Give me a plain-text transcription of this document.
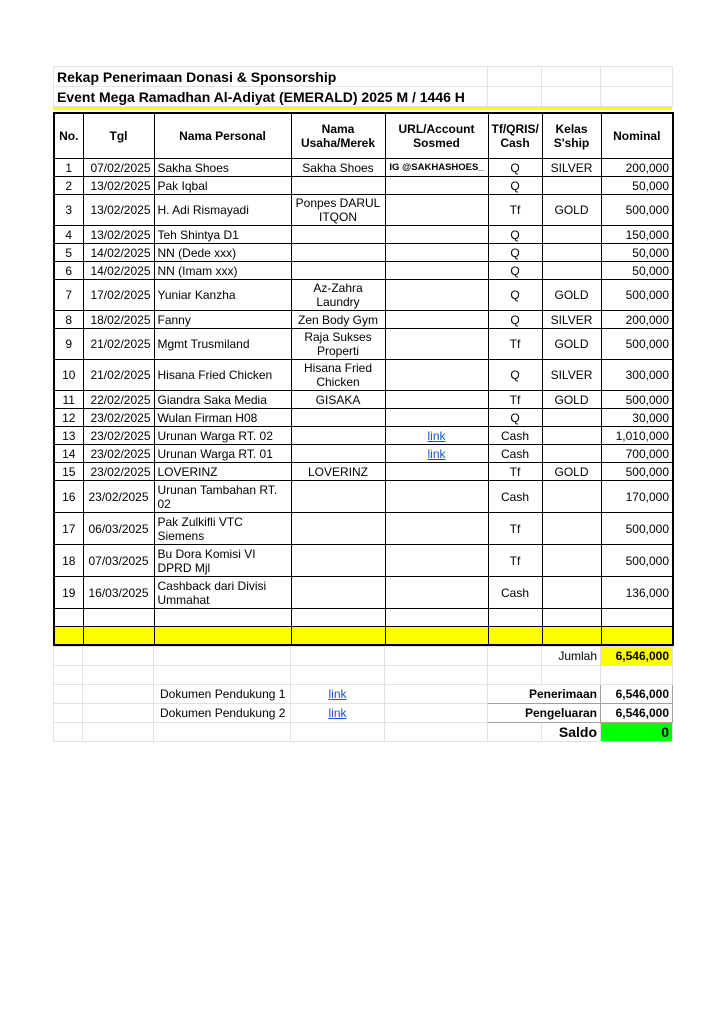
Rekap Penerimaan Donasi & Sponsorship			
Event Mega Ramadhan Al-Adiyat (EMERALD) 2025 M / 1446 H			
No.	Tgl	Nama Personal	Nama Usaha/Merek	URL/Account Sosmed	Tf/QRIS/ Cash	Kelas S'ship	Nominal
1	07/02/2025	Sakha Shoes	Sakha Shoes	IG @SAKHASHOES_	Q	SILVER	200,000
2	13/02/2025	Pak Iqbal			Q		50,000
3	13/02/2025	H. Adi Rismayadi	Ponpes DARUL ITQON		Tf	GOLD	500,000
4	13/02/2025	Teh Shintya D1			Q		150,000
5	14/02/2025	NN (Dede xxx)			Q		50,000
6	14/02/2025	NN (Imam xxx)			Q		50,000
7	17/02/2025	Yuniar Kanzha	Az-Zahra Laundry		Q	GOLD	500,000
8	18/02/2025	Fanny	Zen Body Gym		Q	SILVER	200,000
9	21/02/2025	Mgmt Trusmiland	Raja Sukses Properti		Tf	GOLD	500,000
10	21/02/2025	Hisana Fried Chicken	Hisana Fried Chicken		Q	SILVER	300,000
11	22/02/2025	Giandra Saka Media	GISAKA		Tf	GOLD	500,000
12	23/02/2025	Wulan Firman H08			Q		30,000
13	23/02/2025	Urunan Warga RT. 02		link	Cash		1,010,000
14	23/02/2025	Urunan Warga RT. 01		link	Cash		700,000
15	23/02/2025	LOVERINZ	LOVERINZ		Tf	GOLD	500,000
16	23/02/2025	Urunan Tambahan RT. 02			Cash		170,000
17	06/03/2025	Pak Zulkifli VTC Siemens			Tf		500,000
18	07/03/2025	Bu Dora Komisi VI DPRD Mjl			Tf		500,000
19	16/03/2025	Cashback dari Divisi Ummahat			Cash		136,000

						Jumlah	6,546,000

		Dokumen Pendukung 1	link		Penerimaan		6,546,000
		Dokumen Pendukung 2	link		Pengeluaran		6,546,000
						Saldo	0
